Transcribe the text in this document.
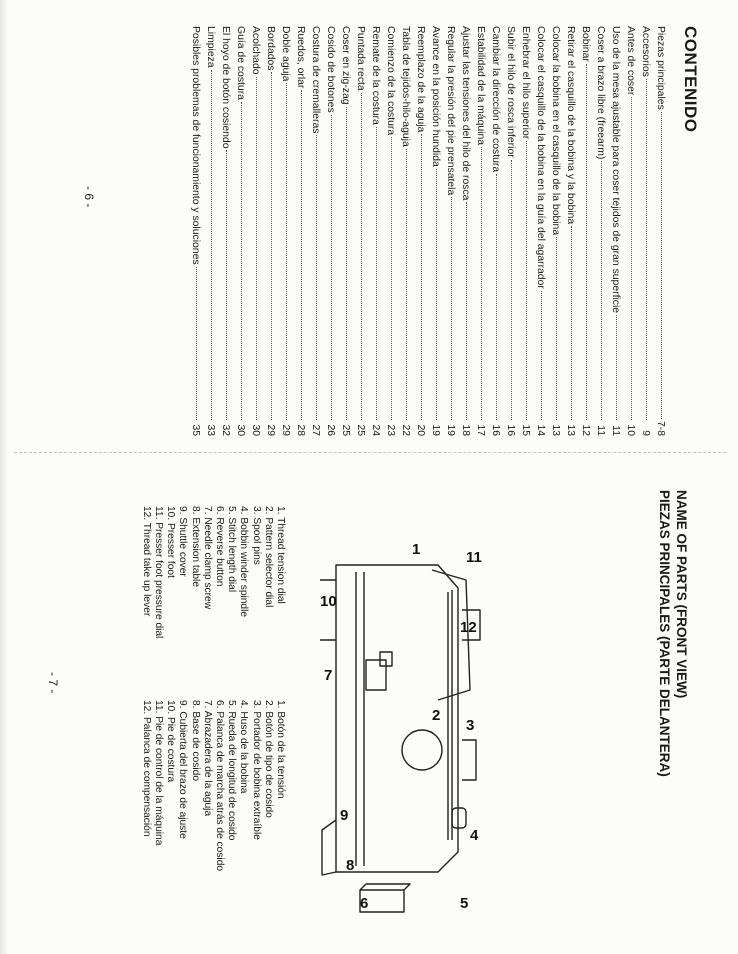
CONTENIDO
Piezas principales
7-8
Accesorios
9
Antes de coser
10
Uso de la mesa ajustable para coser tejidos de gran superficie
11
Coser a brazo libre (freearm)
11
Bobinar
12
Retirar el casquillo de la bobina y la bobina
13
Colocar la bobina en el casquillo de la bobina
13
Colocar el casquillo de la bobina en la guía del agarrador
14
Enhebrar el hilo superior
15
Subir el hilo de rosca inferior
16
Cambiar la dirección de costura
16
Estabilidad de la máquina
17
Ajustar las tensiones del hilo de rosca
18
Regular la presión del pie prensatela
19
Avance en la posición hundida
19
Reemplazo de la aguja
20
Tabla de tejidos-hilo-aguja
22
Comienzo de la costura
23
Remate de la costura
24
Puntada recta
25
Coser en zig-zag
25
Cosido de botones
26
Costura de cremalleras
27
Ruedos, orlar
28
Doble aguja
29
Bordados
29
Acolchado
30
Guía de costura
30
El hoyo de botón cosiendo
32
Limpieza
33
Posibles problemas de funcionamiento y soluciones
35
- 6 -
NAME OF PARTS (FRONT VIEW)
PIEZAS PRINCIPALES (PARTE DELANTERA)
1. Thread tension dial
2. Pattern selector dial
3. Spool pins
4. Bobbin winder spindle
5. Stitch length dial
6. Reverse button
7. Needle clamp screw
8. Extension table
9. Shuttle cover
10. Presser foot
11. Presser foot pressure dial
12. Thread take up lever
1. Botón de la tensión
2. Botón de tipo de cosido
3. Portador de bobina extraíble
4. Huso de la bobina
5. Rueda de longitud de cosido
6. Palanca de marcha atrás de cosido
7. Abrazadera de la aguja
8. Base de cosido
9. Cubierta del brazo de ajuste
10. Pie de costura
11. Pie de control de la máquina
12. Palanca de compensación
- 7 -
1
2
3
4
5
6
7
8
9
10
11
12
